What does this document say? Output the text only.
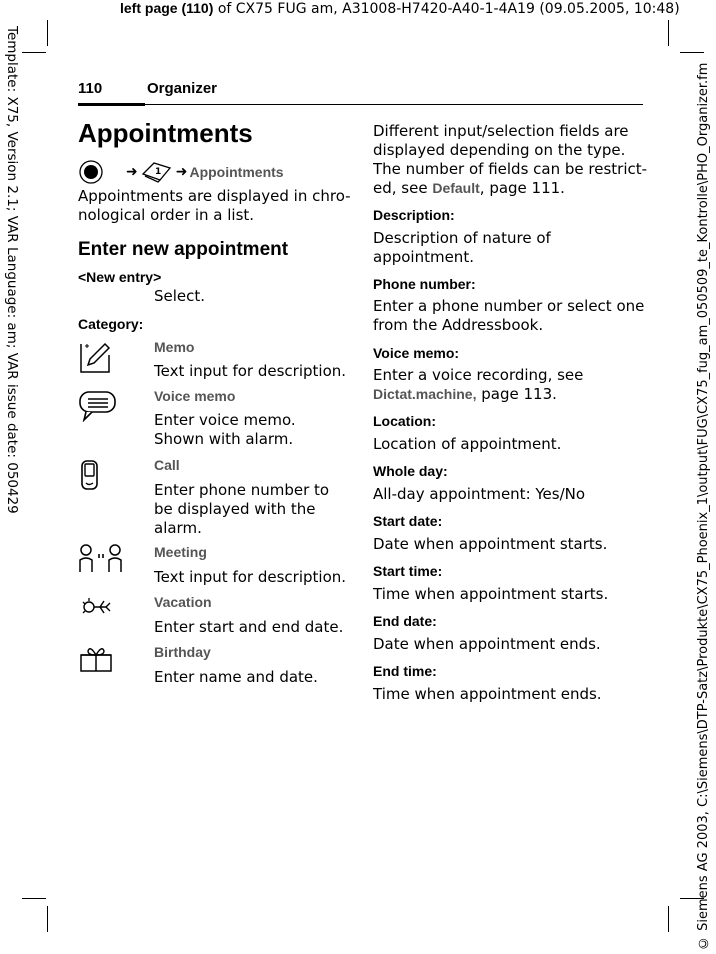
left page (110) of CX75 FUG am, A31008-H7420-A40-1-4A19 (09.05.2005, 10:48)
Template: X75, Version 2.1; VAR Language: am; VAR issue date: 050429	© Siemens AG 2003, C:\Siemens\DTP-Satz\Produkte\CX75_Phoenix_1\output\FUG\CX75_fug_am_050509_te_Kontrolle\PHO_Organizer.fm
110	Organizer
Appointments
➜ 1 ➜ Appointments
Appointments are displayed in chro-
nological order in a list.
Enter new appointment
<New entry>
Select.
Category:
Memo
Text input for description.
Voice memo
Enter voice memo.
Shown with alarm.
Call
Enter phone number to
be displayed with the
alarm.
Meeting
Text input for description.
Vacation
Enter start and end date.
Birthday
Enter name and date.
Different input/selection fields are
displayed depending on the type.
The number of fields can be restrict-
ed, see Default, page 111.
Description:
Description of nature of
appointment.
Phone number:
Enter a phone number or select one
from the Addressbook.
Voice memo:
Enter a voice recording, see
Dictat.machine, page 113.
Location:
Location of appointment.
Whole day:
All-day appointment: Yes/No
Start date:
Date when appointment starts.
Start time:
Time when appointment starts.
End date:
Date when appointment ends.
End time:
Time when appointment ends.
